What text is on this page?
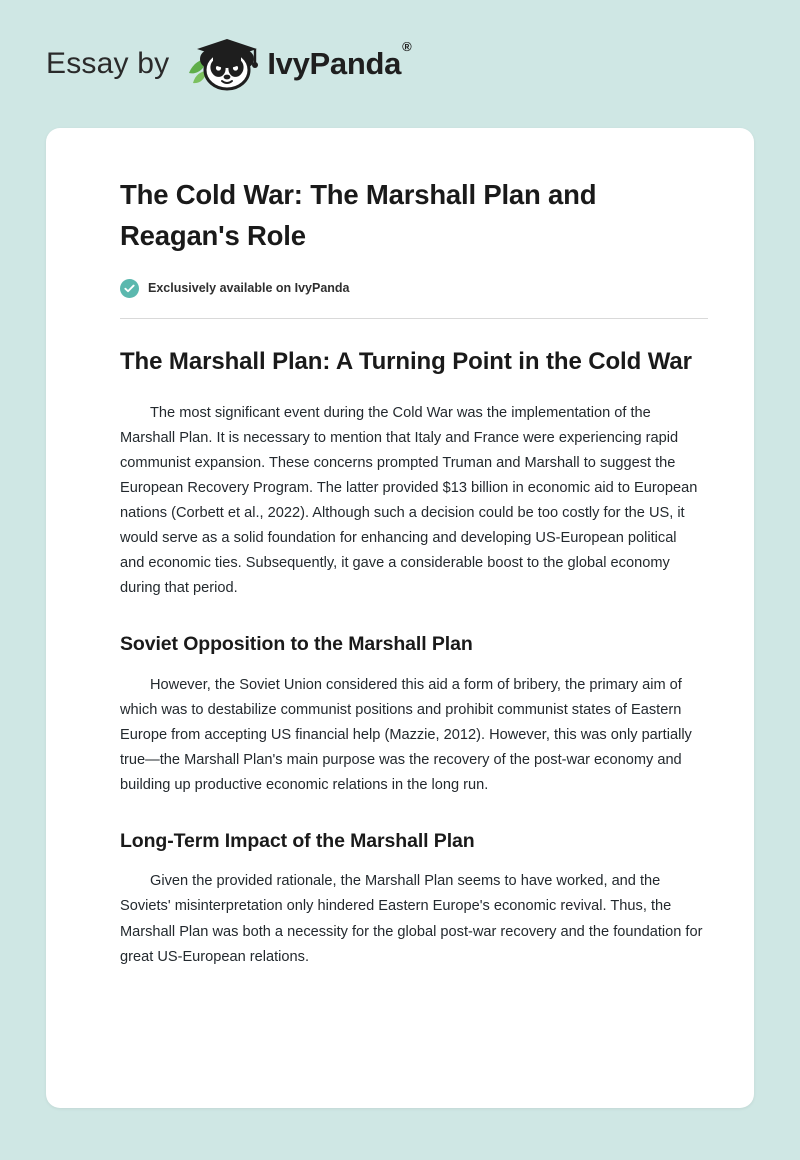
Essay by	IvyPanda®
The Cold War: The Marshall Plan and Reagan's Role
Exclusively available on IvyPanda
The Marshall Plan: A Turning Point in the Cold War

The most significant event during the Cold War was the implementation of the Marshall Plan. It is necessary to mention that Italy and France were experiencing rapid communist expansion. These concerns prompted Truman and Marshall to suggest the European Recovery Program. The latter provided $13 billion in economic aid to European nations (Corbett et al., 2022). Although such a decision could be too costly for the US, it would serve as a solid foundation for enhancing and developing US-European political and economic ties. Subsequently, it gave a considerable boost to the global economy during that period.

Soviet Opposition to the Marshall Plan

However, the Soviet Union considered this aid a form of bribery, the primary aim of which was to destabilize communist positions and prohibit communist states of Eastern Europe from accepting US financial help (Mazzie, 2012). However, this was only partially true—the Marshall Plan's main purpose was the recovery of the post-war economy and building up productive economic relations in the long run.

Long-Term Impact of the Marshall Plan

Given the provided rationale, the Marshall Plan seems to have worked, and the Soviets' misinterpretation only hindered Eastern Europe's economic revival. Thus, the Marshall Plan was both a necessity for the global post-war recovery and the foundation for great US-European relations.
